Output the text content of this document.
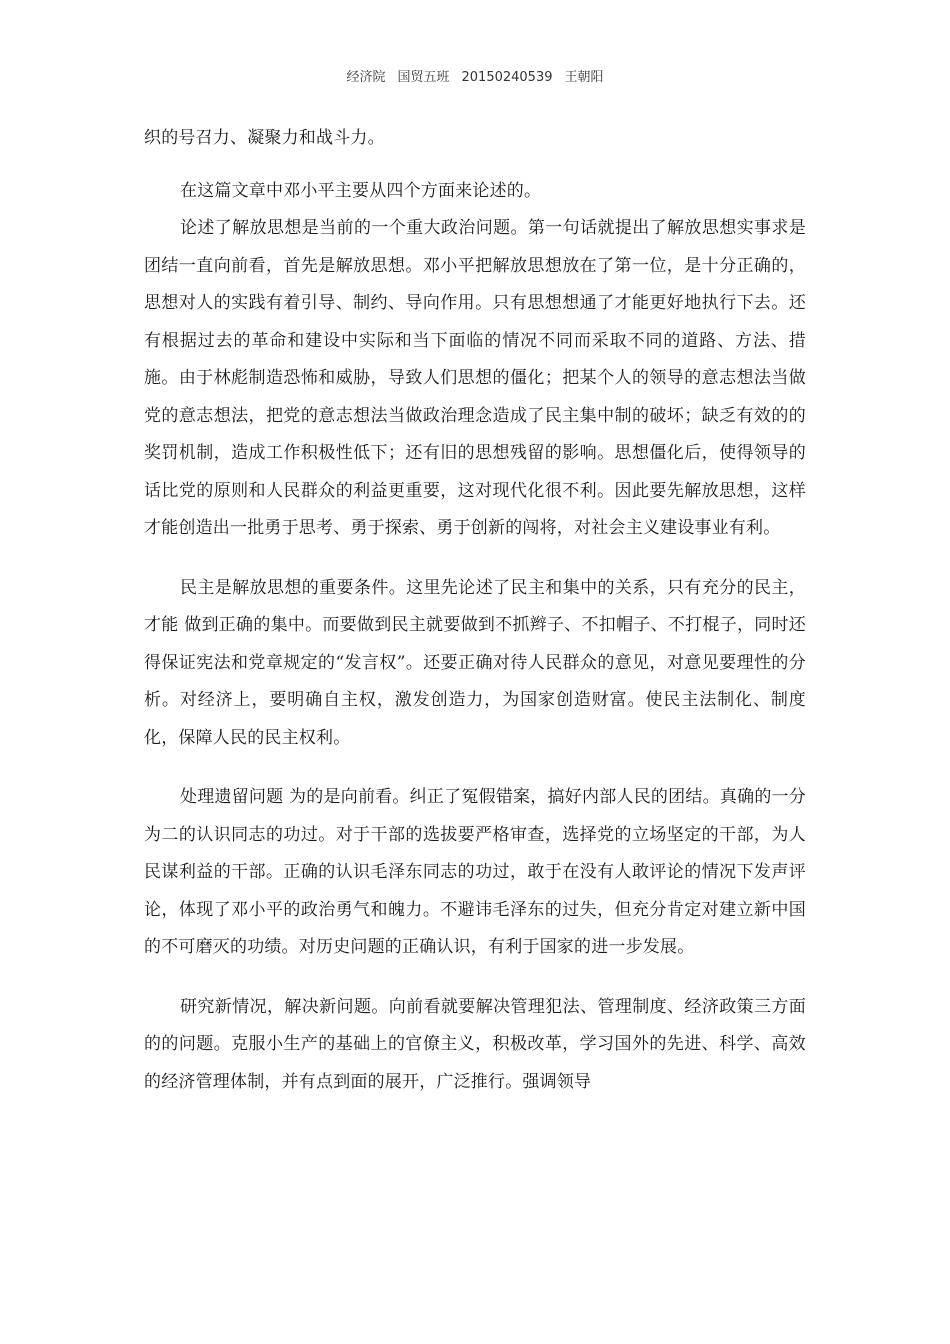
经济院 国贸五班 20150240539 王朝阳

织的号召力、凝聚力和战斗力。

在这篇文章中邓小平主要从四个方面来论述的。

论述了解放思想是当前的一个重大政治问题。第一句话就提出了解放思想实事求是团结一直向前看，首先是解放思想。邓小平把解放思想放在了第一位，是十分正确的，思想对人的实践有着引导、制约、导向作用。只有思想想通了才能更好地执行下去。还有根据过去的革命和建设中实际和当下面临的情况不同而采取不同的道路、方法、措施。由于林彪制造恐怖和威胁，导致人们思想的僵化；把某个人的领导的意志想法当做党的意志想法，把党的意志想法当做政治理念造成了民主集中制的破坏；缺乏有效的的奖罚机制，造成工作积极性低下；还有旧的思想残留的影响。思想僵化后，使得领导的话比党的原则和人民群众的利益更重要，这对现代化很不利。因此要先解放思想，这样才能创造出一批勇于思考、勇于探索、勇于创新的闯将，对社会主义建设事业有利。

民主是解放思想的重要条件。这里先论述了民主和集中的关系，只有充分的民主，才能 做到正确的集中。而要做到民主就要做到不抓辫子、不扣帽子、不打棍子，同时还得保证宪法和党章规定的“发言权”。还要正确对待人民群众的意见，对意见要理性的分析。对经济上，要明确自主权，激发创造力，为国家创造财富。使民主法制化、制度化，保障人民的民主权利。

处理遗留问题 为的是向前看。纠正了冤假错案，搞好内部人民的团结。真确的一分为二的认识同志的功过。对于干部的选拔要严格审查，选择党的立场坚定的干部，为人民谋利益的干部。正确的认识毛泽东同志的功过，敢于在没有人敢评论的情况下发声评论，体现了邓小平的政治勇气和魄力。不避讳毛泽东的过失，但充分肯定对建立新中国的不可磨灭的功绩。对历史问题的正确认识，有利于国家的进一步发展。

研究新情况，解决新问题。向前看就要解决管理犯法、管理制度、经济政策三方面的的问题。克服小生产的基础上的官僚主义，积极改革，学习国外的先进、科学、高效的经济管理体制，并有点到面的展开，广泛推行。强调领导
